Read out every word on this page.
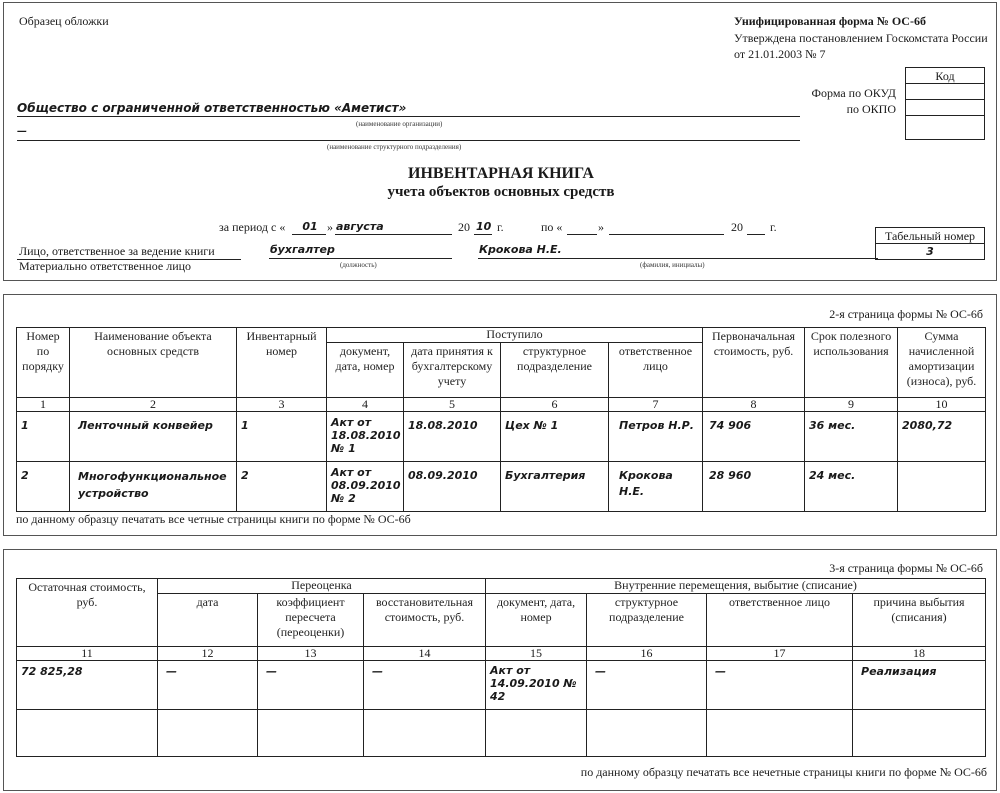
Образец обложки	Унифицированная форма № ОС-6б
Утверждена постановлением Госкомстата России
от 21.01.2003 № 7
Форма по ОКУД
по ОКПО
Код

Общество с ограниченной ответственностью «Аметист»
(наименование организации)
—
(наименование структурного подразделения)
ИНВЕНТАРНАЯ КНИГА
учета объектов основных средств
за период с «	01 » августа	20 10 г.	по «	»	20 г.
Лицо, ответственное за ведение книги
Материально ответственное лицо
бухгалтер
(должность)
Крокова Н.Е.
(фамилия, инициалы)
Табельный номер
3
2-я страница формы № ОС-6б
Номер по порядку	Наименование объекта основных средств	Инвентарный номер	Поступило				Первоначальная стоимость, руб.	Срок полезного использования	Сумма начисленной амортизации (износа), руб.
			документ, дата, номер	дата принятия к бухгалтерскому учету	структурное подразделение	ответственное лицо			
1	2	3	4	5	6	7	8	9	10
1	Ленточный конвейер	1	Акт от 18.08.2010 № 1	18.08.2010	Цех № 1	Петров Н.Р.	74 906	36 мес.	2080,72
2	Многофункциональное устройство	2	Акт от 08.09.2010 № 2	08.09.2010	Бухгалтерия	Крокова Н.Е.	28 960	24 мес.	
по данному образцу печатать все четные страницы книги по форме № ОС-6б
3-я страница формы № ОС-6б
Остаточная стоимость, руб.	Переоценка			Внутренние перемещения, выбытие (списание)			
	дата	коэффициент пересчета (переоценки)	восстановительная стоимость, руб.	документ, дата, номер	структурное подразделение	ответственное лицо	причина выбытия (списания)
11	12	13	14	15	16	17	18
72 825,28	—	—	—	Акт от 14.09.2010 № 42	—	—	Реализация

по данному образцу печатать все нечетные страницы книги по форме № ОС-6б
